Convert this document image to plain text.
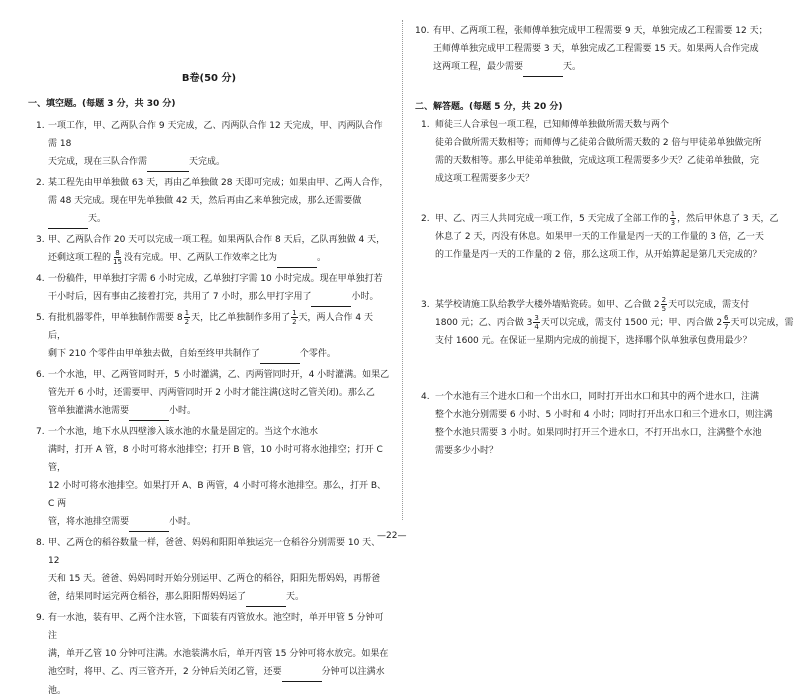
B卷(50 分)
一、填空题。(每题 3 分，共 30 分)
1. 一项工作，甲、乙两队合作 9 天完成，乙、丙两队合作 12 天完成，甲、丙两队合作需 18
天完成，现在三队合作需	天完成。
2. 某工程先由甲单独做 63 天，再由乙单独做 28 天即可完成；如果由甲、乙两人合作，
需 48 天完成。现在甲先单独做 42 天，然后再由乙来单独完成，那么还需要做
天。
3. 甲、乙两队合作 20 天可以完成一项工程。如果两队合作 8 天后，乙队再独做 4 天，
还剩这项工程的 $\frac{8}{15}$ 没有完成。甲、乙两队工作效率之比为	。
4. 一份稿件，甲单独打字需 6 小时完成，乙单独打字需 10 小时完成。现在甲单独打若
干小时后，因有事由乙接着打完，共用了 7 小时，那么甲打字用了	小时。
5. 有批机器零件，甲单独制作需要 $8 \frac{1}{2}$ 天，比乙单独制作多用了 $\frac{1}{2}$ 天，两人合作 4 天后，
剩下 210 个零件由甲单独去做，自始至终甲共制作了	个零件。
6. 一个水池，甲、乙两管同时开，5 小时灌满，乙、丙两管同时开，4 小时灌满。如果乙
管先开 6 小时，还需要甲、丙两管同时开 2 小时才能注满(这时乙管关闭)。那么乙
管单独灌满水池需要	小时。
7. 一个水池，地下水从四壁渗入该水池的水量是固定的。当这个水池水
满时，打开 A 管，8 小时可将水池排空；打开 B 管，10 小时可将水池排空；打开 C 管，
12 小时可将水池排空。如果打开 A、B 两管，4 小时可将水池排空。那么，打开 B、C 两
管，将水池排空需要	小时。
8. 甲、乙两仓的稻谷数量一样，爸爸、妈妈和阳阳单独运完一仓稻谷分别需要 10 天、12
天和 15 天。爸爸、妈妈同时开始分别运甲、乙两仓的稻谷，阳阳先帮妈妈，再帮爸
爸，结果同时运完两仓稻谷，那么阳阳帮妈妈运了	天。
9. 有一水池，装有甲、乙两个注水管，下面装有丙管放水。池空时，单开甲管 5 分钟可注
满，单开乙管 10 分钟可注满。水池装满水后，单开丙管 15 分钟可将水放完。如果在
池空时，将甲、乙、丙三管齐开，2 分钟后关闭乙管，还要	分钟可以注满水池。
10. 有甲、乙两项工程，张师傅单独完成甲工程需要 9 天，单独完成乙工程需要 12 天；
王师傅单独完成甲工程需要 3 天，单独完成乙工程需要 15 天。如果两人合作完成
这两项工程，最少需要	天。
二、解答题。(每题 5 分，共 20 分)
1. 师徒三人合承包一项工程，已知师傅单独做所需天数与两个
徒弟合做所需天数相等；而师傅与乙徒弟合做所需天数的 2 倍与甲徒弟单独做完所
需的天数相等。那么甲徒弟单独做，完成这项工程需要多少天？乙徒弟单独做，完
成这项工程需要多少天？
2. 甲、乙、丙三人共同完成一项工作，5 天完成了全部工作的 $\frac{1}{3}$ ，然后甲休息了 3 天，乙
休息了 2 天，丙没有休息。如果甲一天的工作量是丙一天的工作量的 3 倍，乙一天
的工作量是丙一天的工作量的 2 倍，那么这项工作，从开始算起是第几天完成的？
3. 某学校请施工队给教学大楼外墙贴瓷砖。如甲、乙合做 $2 \frac{2}{5}$ 天可以完成，需支付
1800 元；乙、丙合做 $3 \frac{3}{4}$ 天可以完成，需支付 1500 元；甲、丙合做 $2 \frac{6}{7}$ 天可以完成，需
支付 1600 元。在保证一星期内完成的前提下，选择哪个队单独承包费用最少？
4. 一个水池有三个进水口和一个出水口，同时打开出水口和其中的两个进水口，注满
整个水池分别需要 6 小时、5 小时和 4 小时；同时打开出水口和三个进水口，则注满
整个水池只需要 3 小时。如果同时打开三个进水口，不打开出水口，注满整个水池
需要多少小时？
—22—
